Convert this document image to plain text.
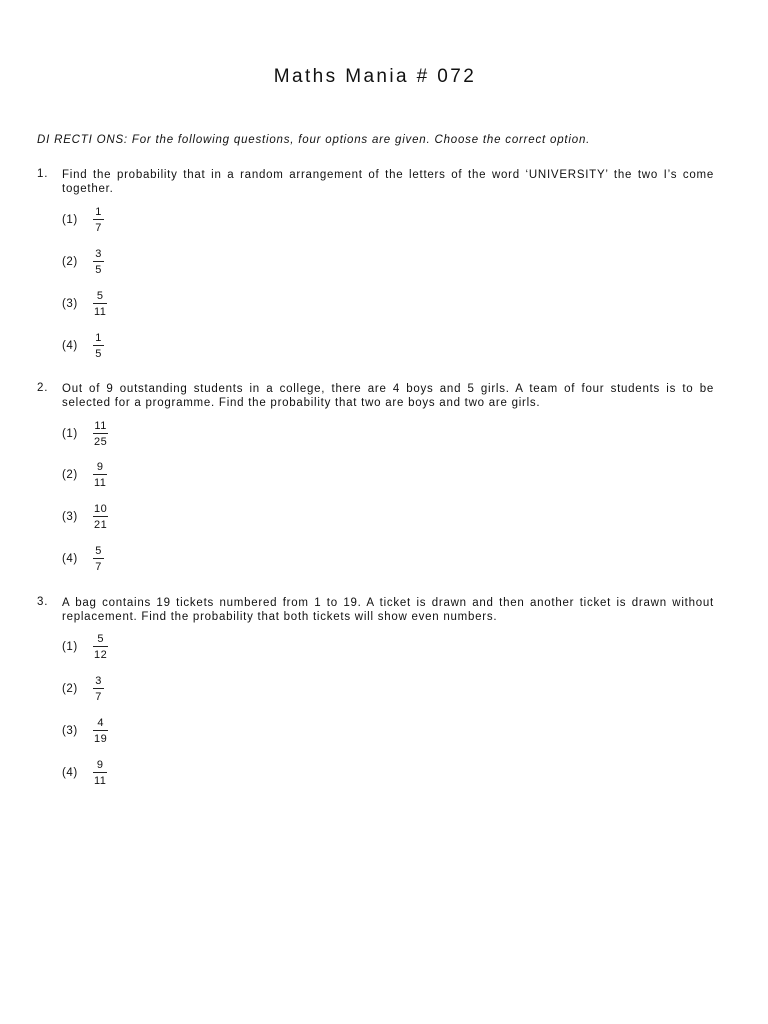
Maths Mania # 072
DI RECTI ONS: For the following questions, four options are given. Choose the correct option.
1. Find the probability that in a random arrangement of the letters of the word ‘UNIVERSITY’ the two I’s come together.
(1)
1
7
(2)
3
5
(3)
5
11
(4)
1
5
2. Out of 9 outstanding students in a college, there are 4 boys and 5 girls. A team of four students is to be selected for a programme. Find the probability that two are boys and two are girls.
(1)
11
25
(2)
9
11
(3)
10
21
(4)
5
7
3. A bag contains 19 tickets numbered from 1 to 19. A ticket is drawn and then another ticket is drawn without replacement. Find the probability that both tickets will show even numbers.
(1)
5
12
(2)
3
7
(3)
4
19
(4)
9
11
